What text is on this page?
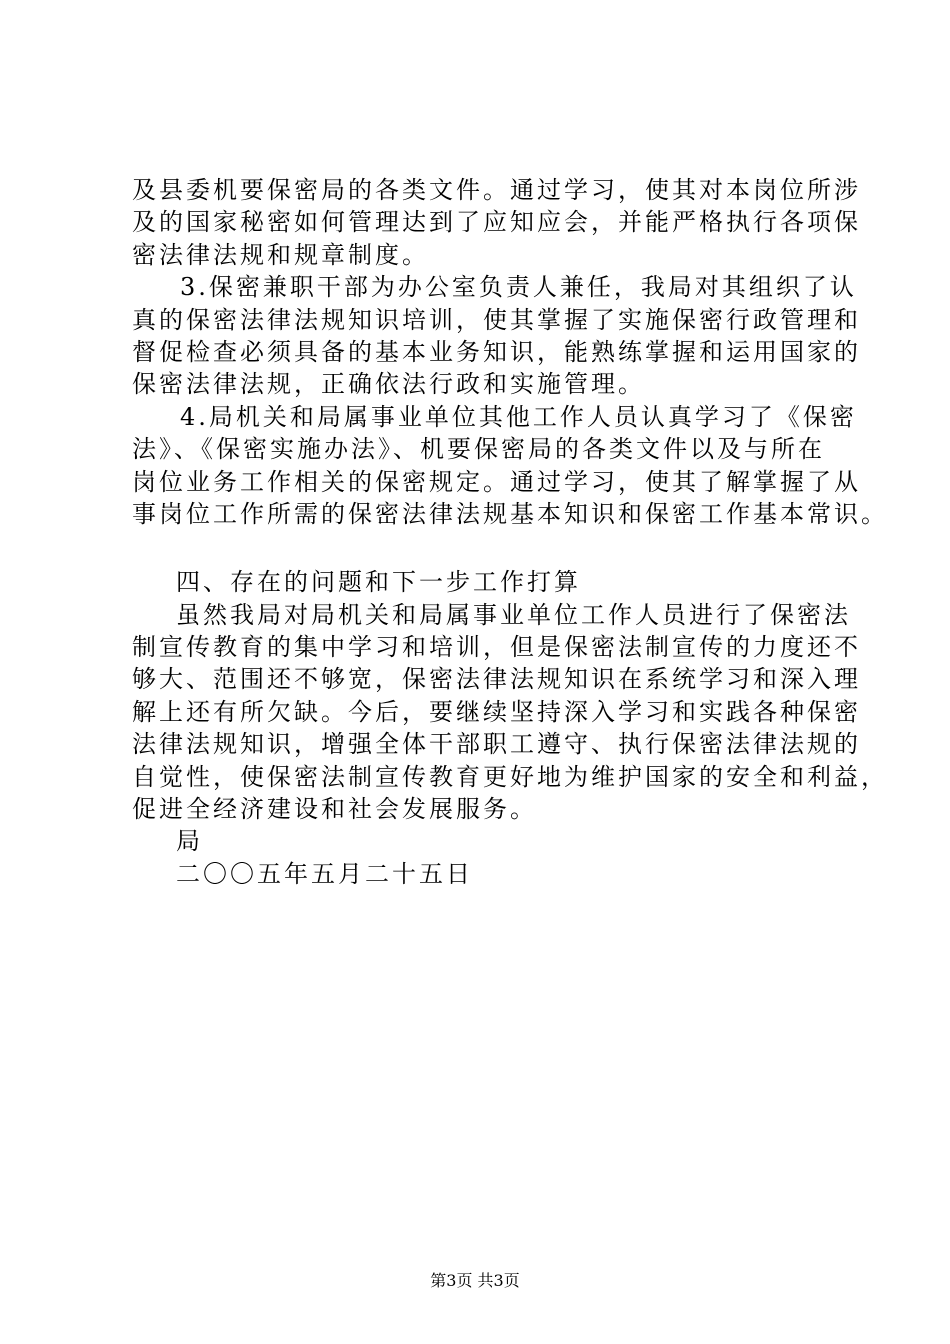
及县委机要保密局的各类文件。通过学习，使其对本岗位所涉
及的国家秘密如何管理达到了应知应会，并能严格执行各项保
密法律法规和规章制度。
3.保密兼职干部为办公室负责人兼任，我局对其组织了认
真的保密法律法规知识培训，使其掌握了实施保密行政管理和
督促检查必须具备的基本业务知识，能熟练掌握和运用国家的
保密法律法规，正确依法行政和实施管理。
4.局机关和局属事业单位其他工作人员认真学习了《保密
法》、《保密实施办法》、机要保密局的各类文件以及与所在
岗位业务工作相关的保密规定。通过学习，使其了解掌握了从
事岗位工作所需的保密法律法规基本知识和保密工作基本常识。
四、存在的问题和下一步工作打算
虽然我局对局机关和局属事业单位工作人员进行了保密法
制宣传教育的集中学习和培训，但是保密法制宣传的力度还不
够大、范围还不够宽，保密法律法规知识在系统学习和深入理
解上还有所欠缺。今后，要继续坚持深入学习和实践各种保密
法律法规知识，增强全体干部职工遵守、执行保密法律法规的
自觉性，使保密法制宣传教育更好地为维护国家的安全和利益，
促进全经济建设和社会发展服务。
局
二〇〇五年五月二十五日
第3页 共3页
